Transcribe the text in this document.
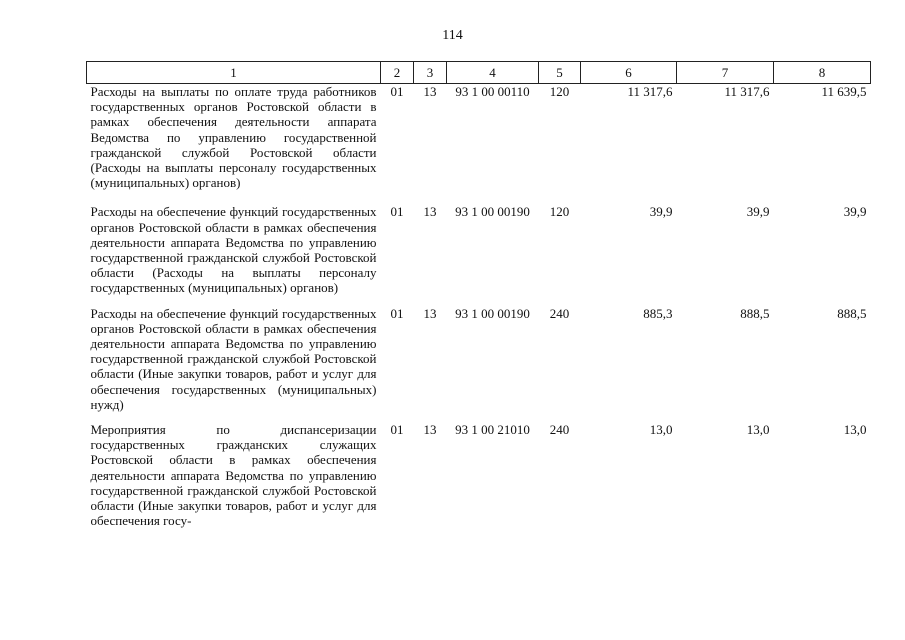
114
1	2	3	4	5	6	7	8
Расходы на выплаты по оплате труда работников государственных органов Ростовской области в рамках обеспечения деятельности аппарата Ведомства по управлению государственной гражданской службой Ростовской области (Расходы на выплаты персоналу государственных (муниципальных) органов)	01	13	93 1 00 00110	120	11 317,6	11 317,6	11 639,5
Расходы на обеспечение функций государственных органов Ростовской области в рамках обеспечения деятельности аппарата Ведомства по управлению государственной гражданской службой Ростовской области (Расходы на выплаты персоналу государственных (муниципальных) органов)	01	13	93 1 00 00190	120	39,9	39,9	39,9
Расходы на обеспечение функций государственных органов Ростовской области в рамках обеспечения деятельности аппарата Ведомства по управлению государственной гражданской службой Ростовской области (Иные закупки товаров, работ и услуг для обеспечения государственных (муниципальных) нужд)	01	13	93 1 00 00190	240	885,3	888,5	888,5
Мероприятия по диспансеризации государственных гражданских служащих Ростовской области в рамках обеспечения деятельности аппарата Ведомства по управлению государственной гражданской службой Ростовской области (Иные закупки товаров, работ и услуг для обеспечения госу-	01	13	93 1 00 21010	240	13,0	13,0	13,0
